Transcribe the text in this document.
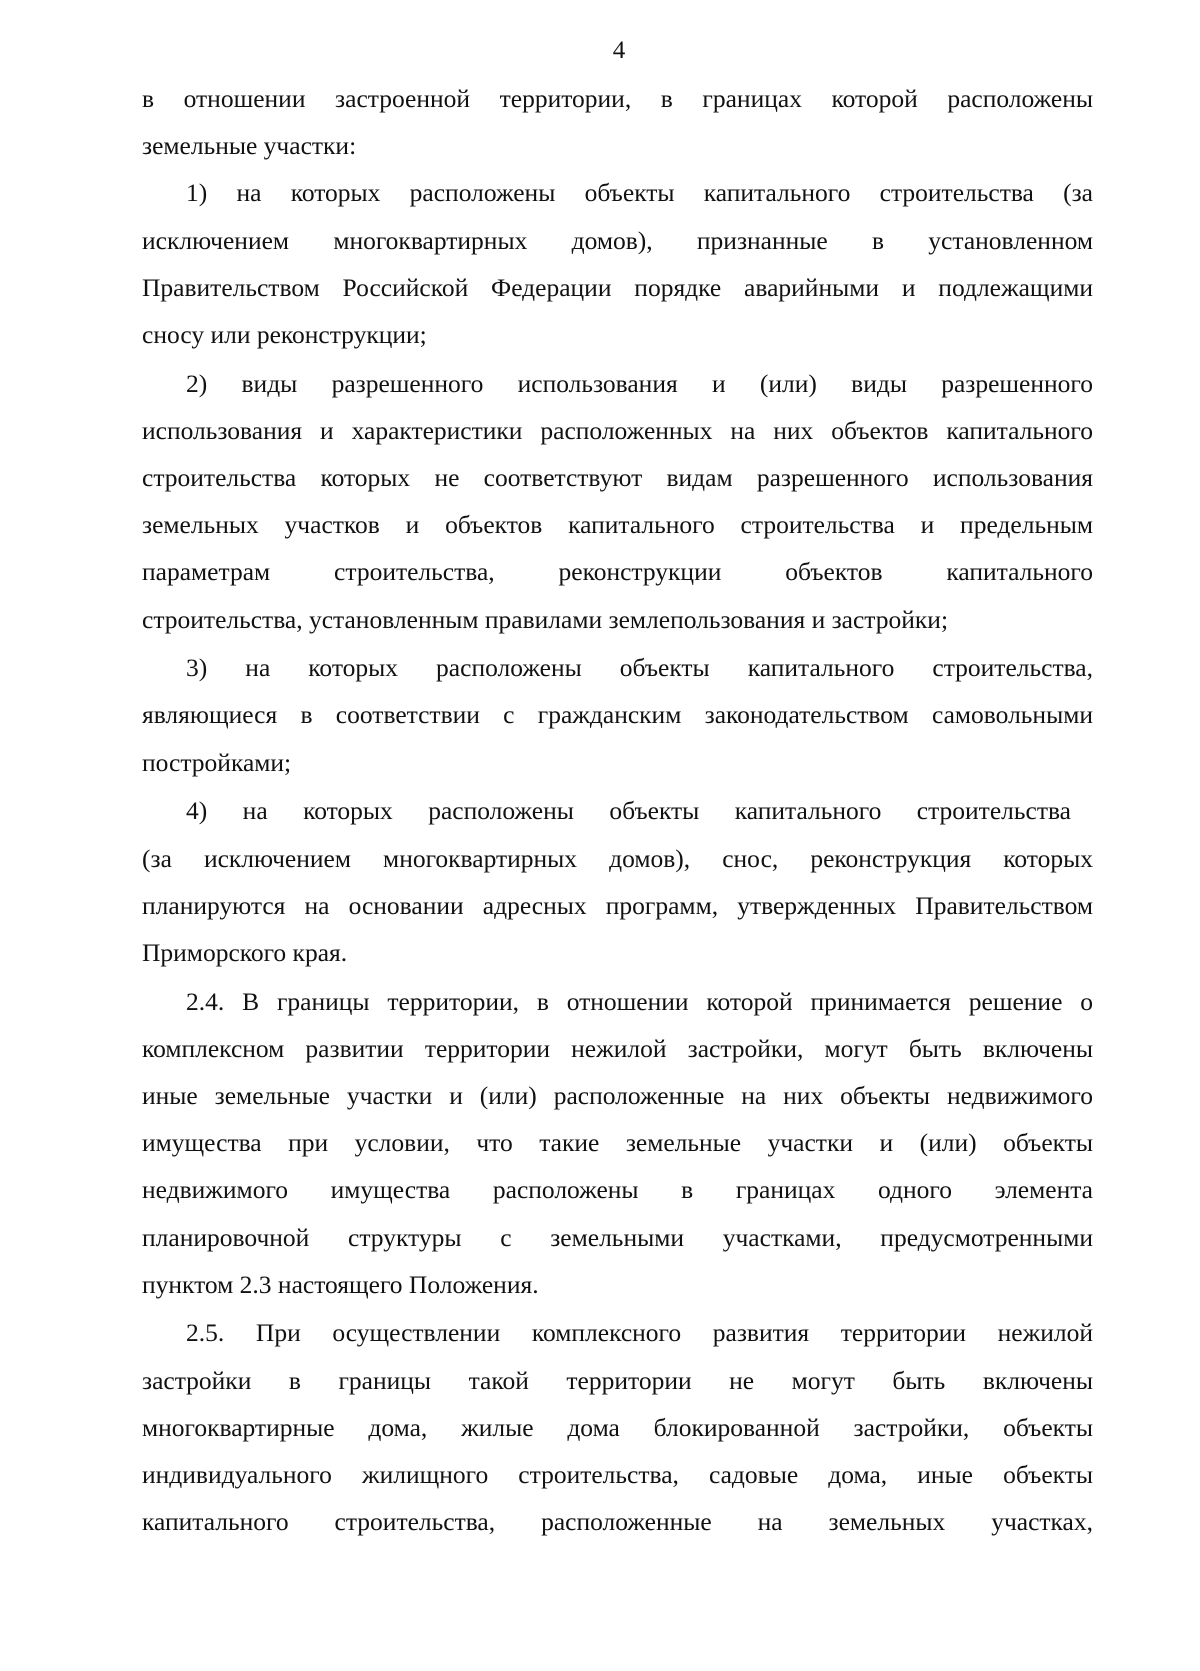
4
в отношении застроенной территории, в границах которой расположены
земельные участки:
1) на которых расположены объекты капитального строительства (за
исключением многоквартирных домов), признанные в установленном
Правительством Российской Федерации порядке аварийными и подлежащими
сносу или реконструкции;
2) виды разрешенного использования и (или) виды разрешенного
использования и характеристики расположенных на них объектов капитального
строительства которых не соответствуют видам разрешенного использования
земельных участков и объектов капитального строительства и предельным
параметрам строительства, реконструкции объектов капитального
строительства, установленным правилами землепользования и застройки;
3) на которых расположены объекты капитального строительства,
являющиеся в соответствии с гражданским законодательством самовольными
постройками;
4) на которых расположены объекты капитального строительства
(за исключением многоквартирных домов), снос, реконструкция которых
планируются на основании адресных программ, утвержденных Правительством
Приморского края.
2.4. В границы территории, в отношении которой принимается решение о
комплексном развитии территории нежилой застройки, могут быть включены
иные земельные участки и (или) расположенные на них объекты недвижимого
имущества при условии, что такие земельные участки и (или) объекты
недвижимого имущества расположены в границах одного элемента
планировочной структуры с земельными участками, предусмотренными
пунктом 2.3 настоящего Положения.
2.5. При осуществлении комплексного развития территории нежилой
застройки в границы такой территории не могут быть включены
многоквартирные дома, жилые дома блокированной застройки, объекты
индивидуального жилищного строительства, садовые дома, иные объекты
капитального строительства, расположенные на земельных участках,
